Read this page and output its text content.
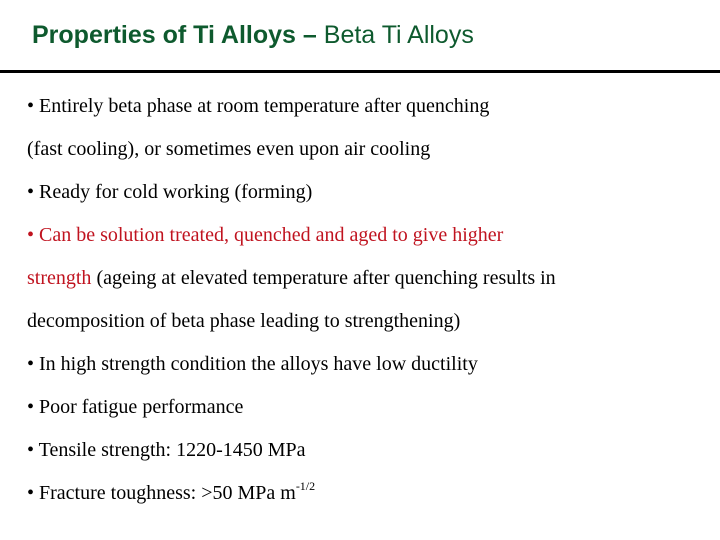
Properties of Ti Alloys – Beta Ti Alloys
• Entirely beta phase at room temperature after quenching
(fast cooling), or sometimes even upon air cooling
• Ready for cold working (forming)
• Can be solution treated, quenched and aged to give higher
strength (ageing at elevated temperature after quenching results in
decomposition of beta phase leading to strengthening)
• In high strength condition the alloys have low ductility
• Poor fatigue performance
• Tensile strength: 1220-1450 MPa
• Fracture toughness: >50 MPa $m^{-1/2}$
